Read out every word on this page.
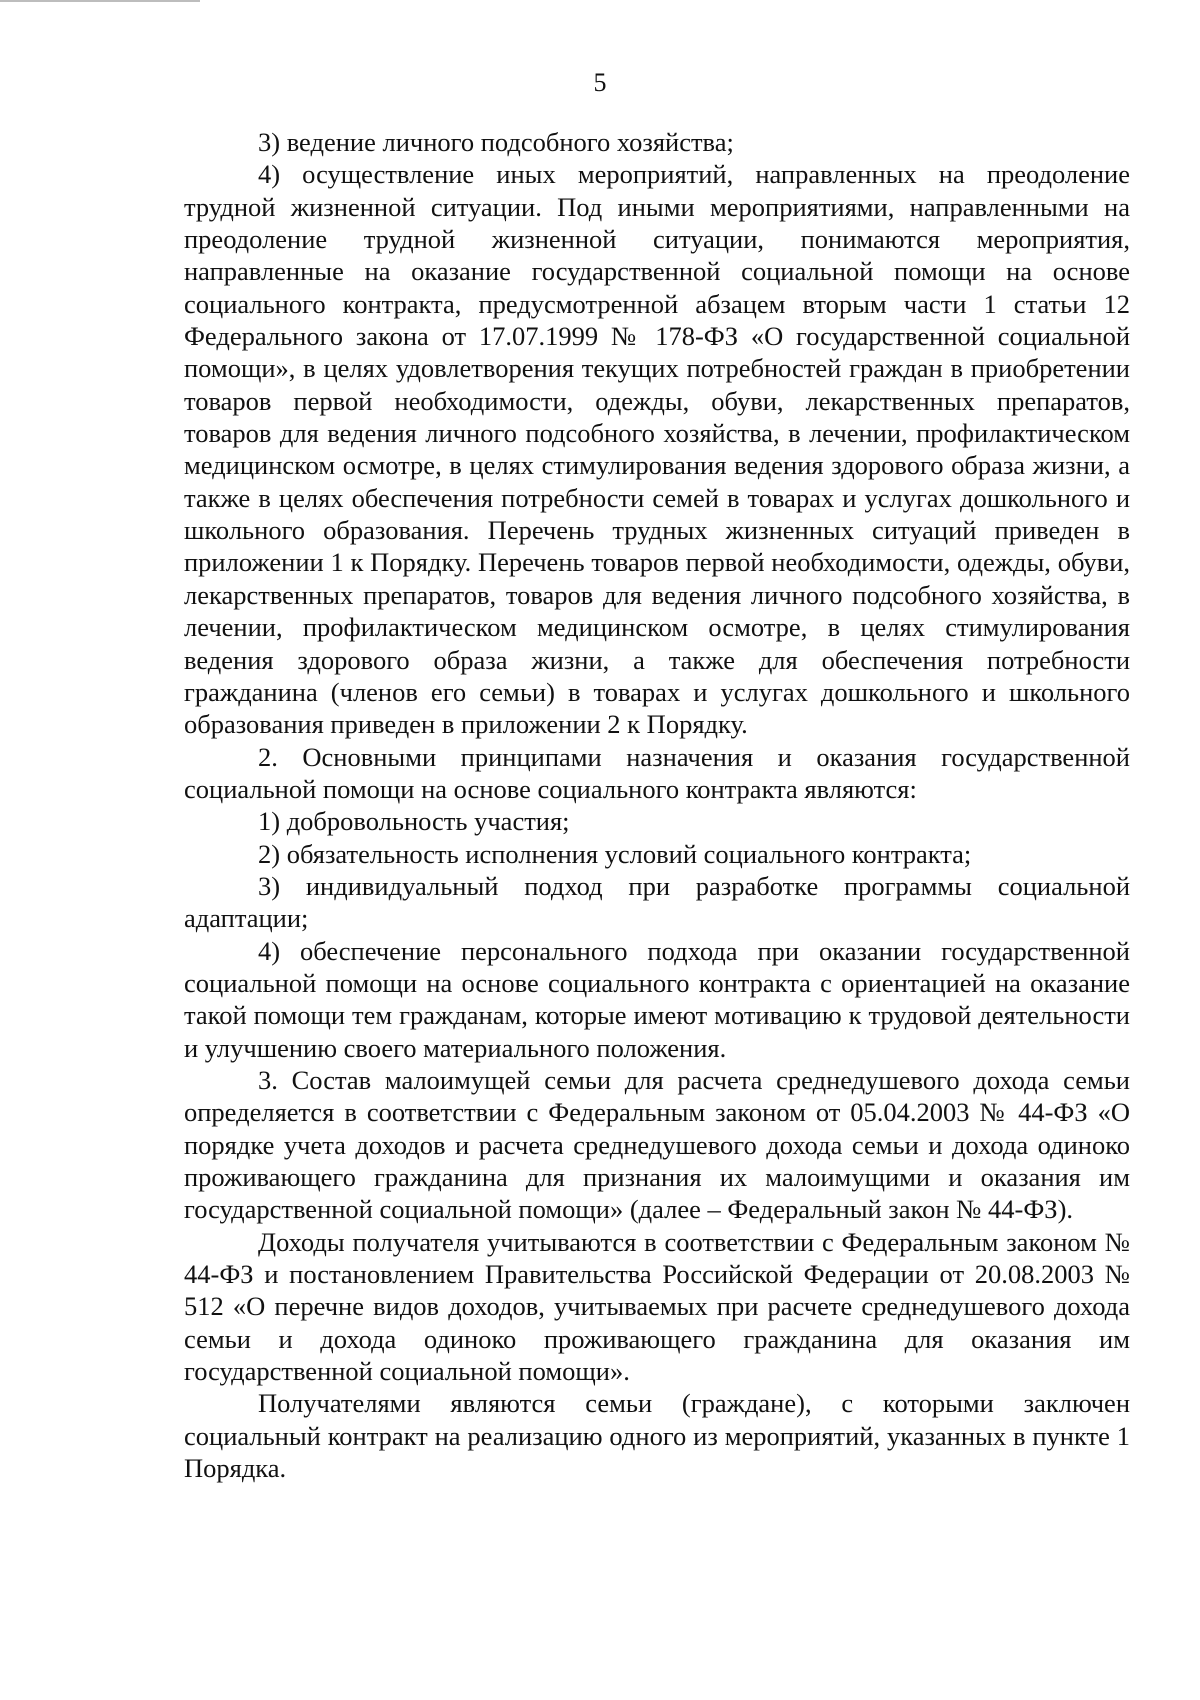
5

3) ведение личного подсобного хозяйства;

4) осуществление иных мероприятий, направленных на преодоление трудной жизненной ситуации. Под иными мероприятиями, направленными на преодоление трудной жизненной ситуации, понимаются мероприятия, направленные на оказание государственной социальной помощи на основе социального контракта, предусмотренной абзацем вторым части 1 статьи 12 Федерального закона от 17.07.1999 № 178-ФЗ «О государственной социальной помощи», в целях удовлетворения текущих потребностей граждан в приобретении товаров первой необходимости, одежды, обуви, лекарственных препаратов, товаров для ведения личного подсобного хозяйства, в лечении, профилактическом медицинском осмотре, в целях стимулирования ведения здорового образа жизни, а также в целях обеспечения потребности семей в товарах и услугах дошкольного и школьного образования. Перечень трудных жизненных ситуаций приведен в приложении 1 к Порядку. Перечень товаров первой необходимости, одежды, обуви, лекарственных препаратов, товаров для ведения личного подсобного хозяйства, в лечении, профилактическом медицинском осмотре, в целях стимулирования ведения здорового образа жизни, а также для обеспечения потребности гражданина (членов его семьи) в товарах и услугах дошкольного и школьного образования приведен в приложении 2 к Порядку.

2. Основными принципами назначения и оказания государственной социальной помощи на основе социального контракта являются:

1) добровольность участия;

2) обязательность исполнения условий социального контракта;

3) индивидуальный подход при разработке программы социальной адаптации;

4) обеспечение персонального подхода при оказании государственной социальной помощи на основе социального контракта с ориентацией на оказание такой помощи тем гражданам, которые имеют мотивацию к трудовой деятельности и улучшению своего материального положения.

3. Состав малоимущей семьи для расчета среднедушевого дохода семьи определяется в соответствии с Федеральным законом от 05.04.2003 № 44-ФЗ «О порядке учета доходов и расчета среднедушевого дохода семьи и дохода одиноко проживающего гражданина для признания их малоимущими и оказания им государственной социальной помощи» (далее – Федеральный закон № 44-ФЗ).

Доходы получателя учитываются в соответствии с Федеральным законом № 44-ФЗ и постановлением Правительства Российской Федерации от 20.08.2003 № 512 «О перечне видов доходов, учитываемых при расчете среднедушевого дохода семьи и дохода одиноко проживающего гражданина для оказания им государственной социальной помощи».

Получателями являются семьи (граждане), с которыми заключен социальный контракт на реализацию одного из мероприятий, указанных в пункте 1 Порядка.
